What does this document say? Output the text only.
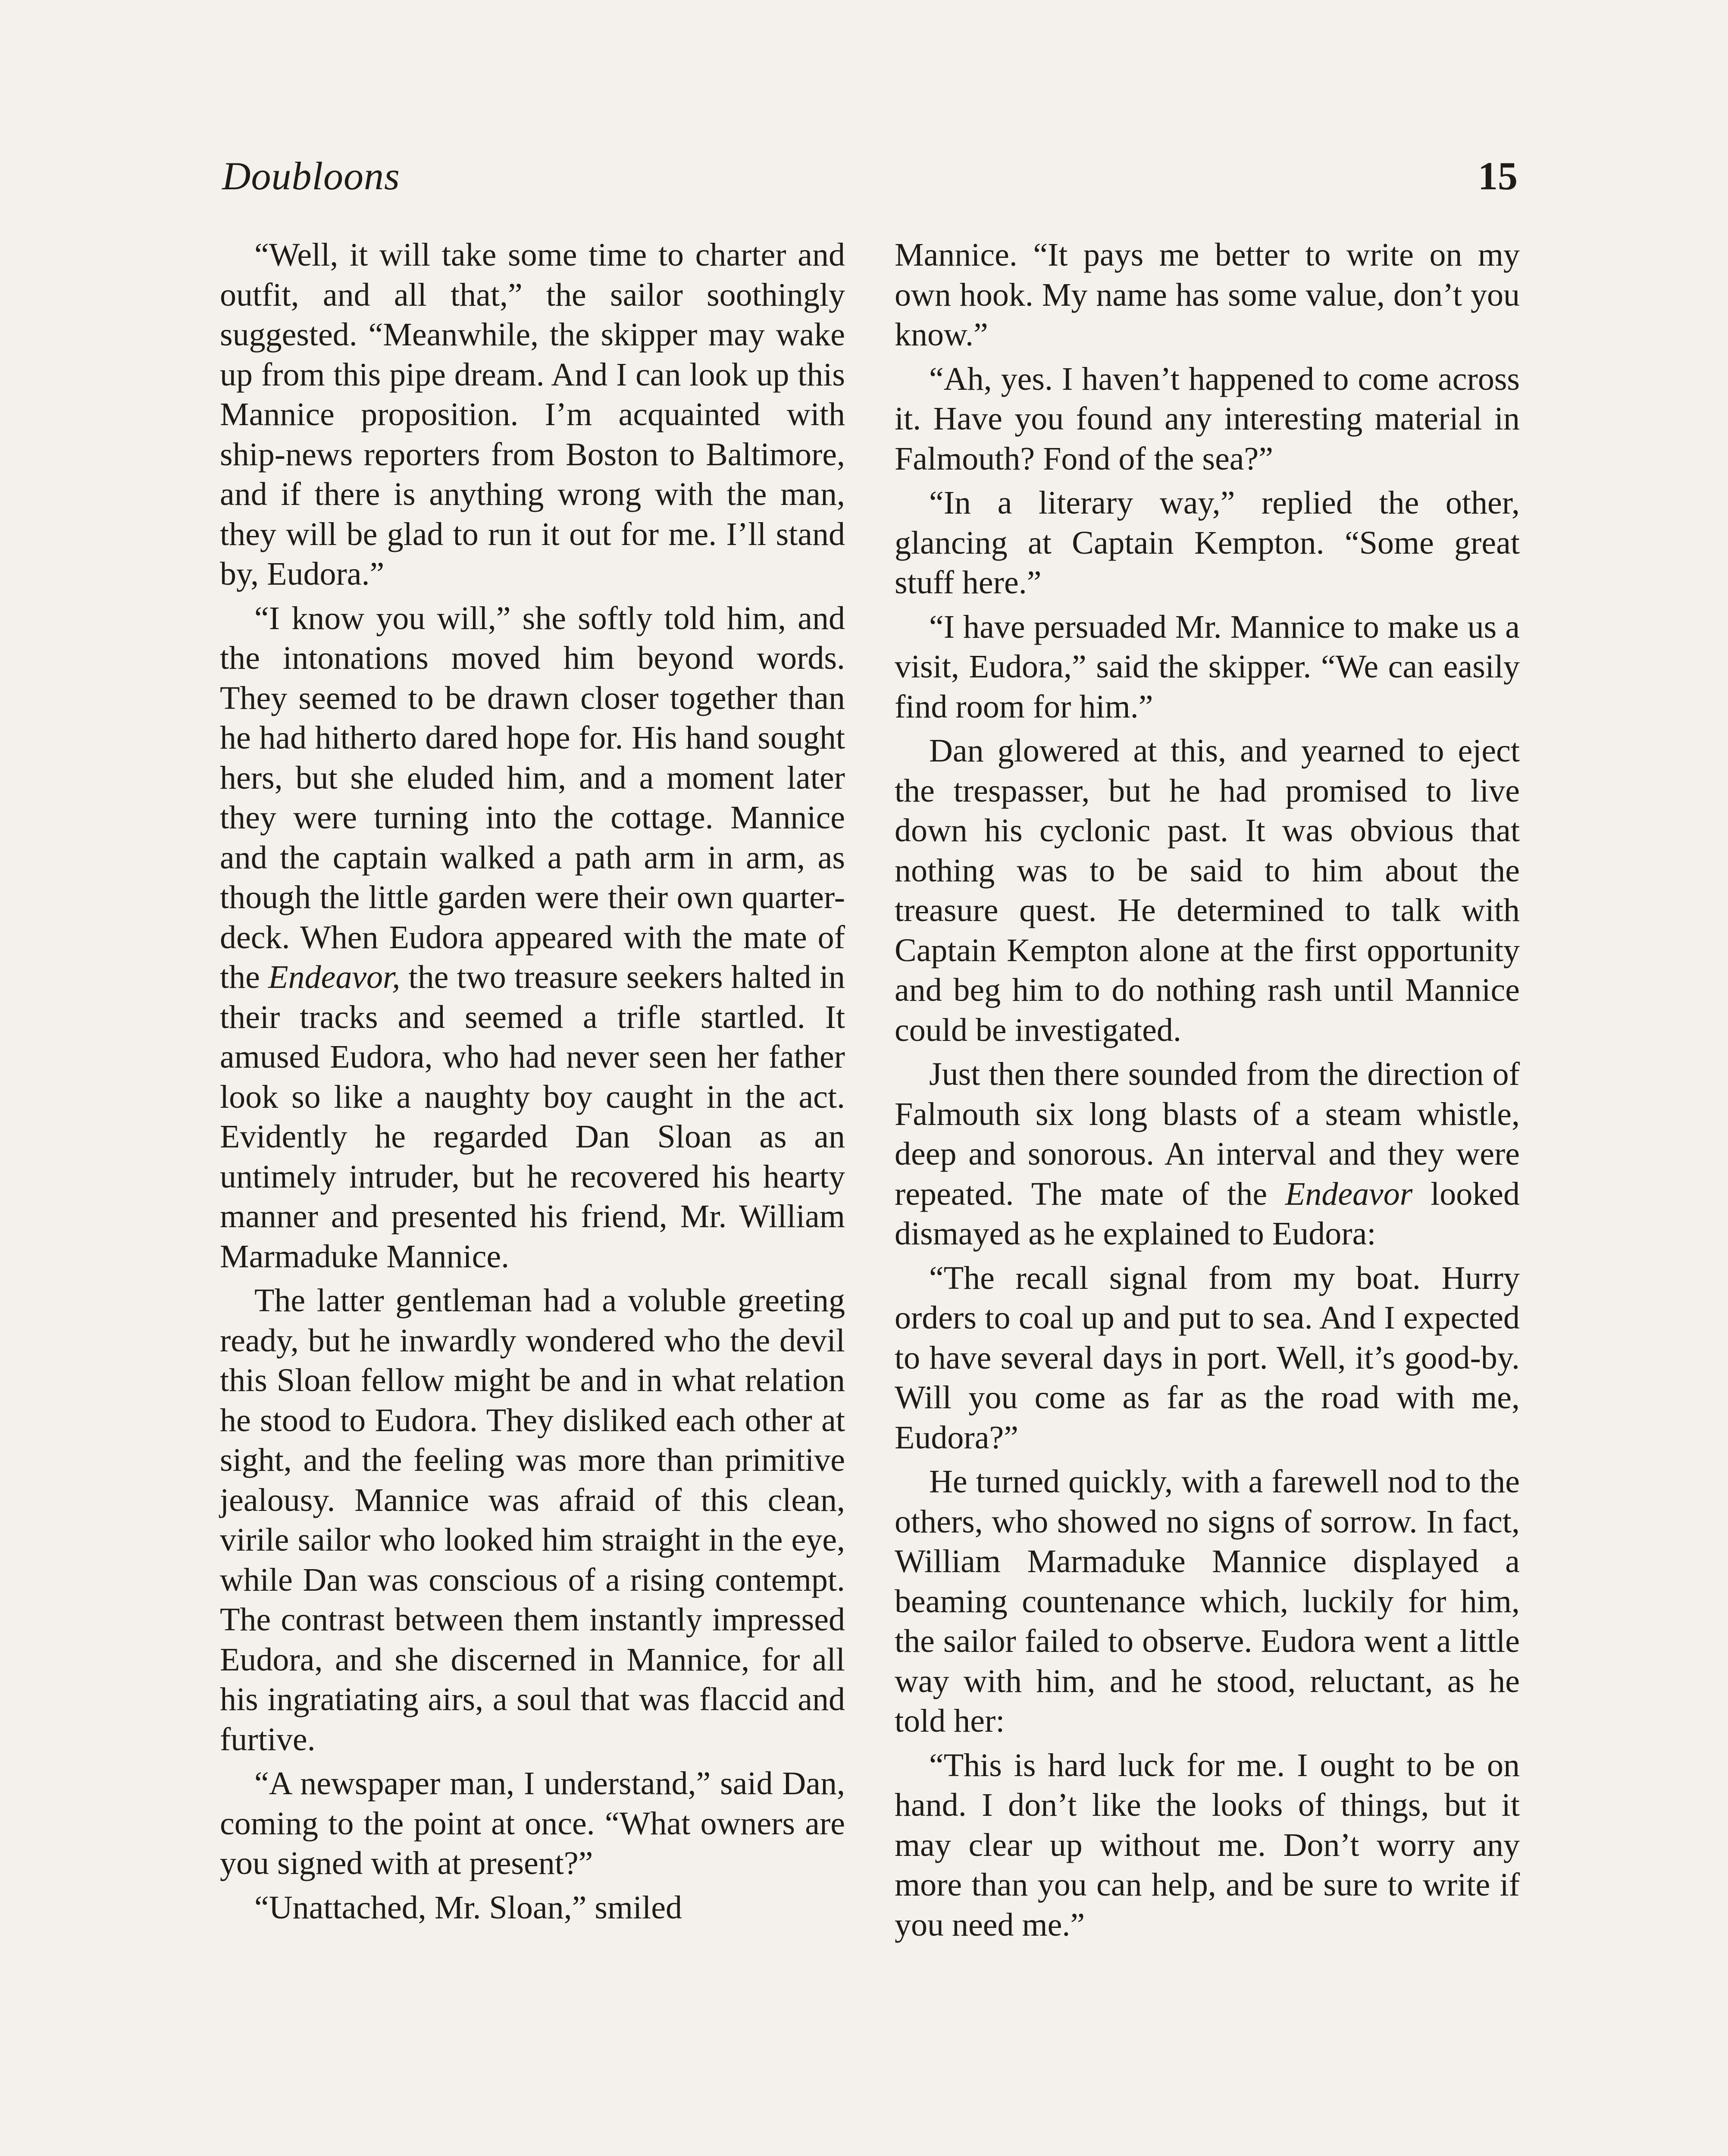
Doubloons	15

“Well, it will take some time to charter and outfit, and all that,” the sailor soothingly suggested. “Meanwhile, the skipper may wake up from this pipe dream. And I can look up this Mannice proposition. I’m acquainted with ship-news reporters from Boston to Baltimore, and if there is anything wrong with the man, they will be glad to run it out for me. I’ll stand by, Eudora.”

“I know you will,” she softly told him, and the intonations moved him beyond words. They seemed to be drawn closer together than he had hitherto dared hope for. His hand sought hers, but she eluded him, and a moment later they were turning into the cottage. Mannice and the captain walked a path arm in arm, as though the little garden were their own quarter-deck. When Eudora appeared with the mate of the Endeavor, the two treasure seekers halted in their tracks and seemed a trifle startled. It amused Eudora, who had never seen her father look so like a naughty boy caught in the act. Evidently he regarded Dan Sloan as an untimely intruder, but he recovered his hearty manner and presented his friend, Mr. William Marmaduke Mannice.

The latter gentleman had a voluble greeting ready, but he inwardly wondered who the devil this Sloan fellow might be and in what relation he stood to Eudora. They disliked each other at sight, and the feeling was more than primitive jealousy. Mannice was afraid of this clean, virile sailor who looked him straight in the eye, while Dan was conscious of a rising contempt. The contrast between them instantly impressed Eudora, and she discerned in Mannice, for all his ingratiating airs, a soul that was flaccid and furtive.

“A newspaper man, I understand,” said Dan, coming to the point at once. “What owners are you signed with at present?”

“Unattached, Mr. Sloan,” smiled

Mannice. “It pays me better to write on my own hook. My name has some value, don’t you know.”

“Ah, yes. I haven’t happened to come across it. Have you found any interesting material in Falmouth? Fond of the sea?”

“In a literary way,” replied the other, glancing at Captain Kempton. “Some great stuff here.”

“I have persuaded Mr. Mannice to make us a visit, Eudora,” said the skipper. “We can easily find room for him.”

Dan glowered at this, and yearned to eject the trespasser, but he had promised to live down his cyclonic past. It was obvious that nothing was to be said to him about the treasure quest. He determined to talk with Captain Kempton alone at the first opportunity and beg him to do nothing rash until Mannice could be investigated.

Just then there sounded from the direction of Falmouth six long blasts of a steam whistle, deep and sonorous. An interval and they were repeated. The mate of the Endeavor looked dismayed as he explained to Eudora:

“The recall signal from my boat. Hurry orders to coal up and put to sea. And I expected to have several days in port. Well, it’s good-by. Will you come as far as the road with me, Eudora?”

He turned quickly, with a farewell nod to the others, who showed no signs of sorrow. In fact, William Marmaduke Mannice displayed a beaming countenance which, luckily for him, the sailor failed to observe. Eudora went a little way with him, and he stood, reluctant, as he told her:

“This is hard luck for me. I ought to be on hand. I don’t like the looks of things, but it may clear up without me. Don’t worry any more than you can help, and be sure to write if you need me.”
